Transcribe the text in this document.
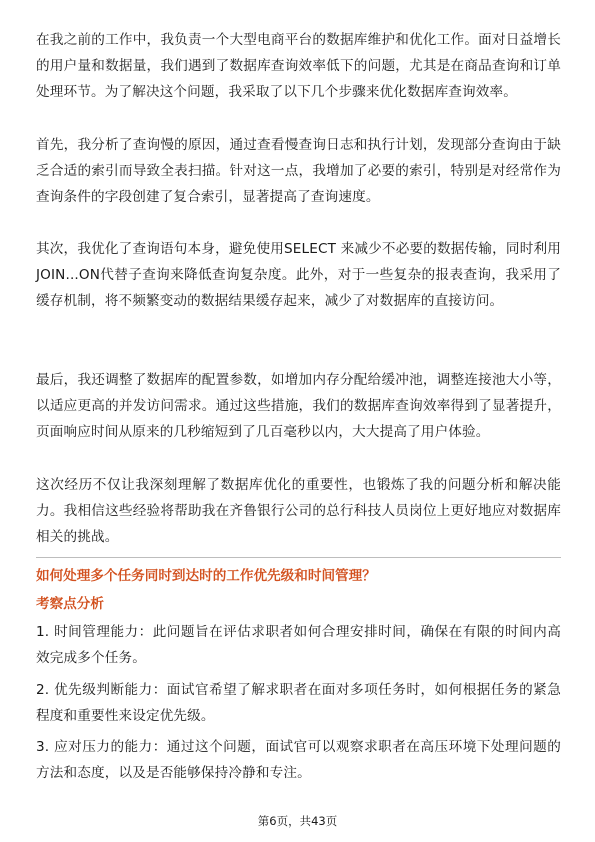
在我之前的工作中，我负责一个大型电商平台的数据库维护和优化工作。面对日益增长的用户量和数据量，我们遇到了数据库查询效率低下的问题，尤其是在商品查询和订单处理环节。为了解决这个问题，我采取了以下几个步骤来优化数据库查询效率。

首先，我分析了查询慢的原因，通过查看慢查询日志和执行计划，发现部分查询由于缺乏合适的索引而导致全表扫描。针对这一点，我增加了必要的索引，特别是对经常作为查询条件的字段创建了复合索引，显著提高了查询速度。

其次，我优化了查询语句本身，避免使用SELECT 来减少不必要的数据传输，同时利用JOIN...ON代替子查询来降低查询复杂度。此外，对于一些复杂的报表查询，我采用了缓存机制，将不频繁变动的数据结果缓存起来，减少了对数据库的直接访问。

最后，我还调整了数据库的配置参数，如增加内存分配给缓冲池，调整连接池大小等，以适应更高的并发访问需求。通过这些措施，我们的数据库查询效率得到了显著提升，页面响应时间从原来的几秒缩短到了几百毫秒以内，大大提高了用户体验。

这次经历不仅让我深刻理解了数据库优化的重要性，也锻炼了我的问题分析和解决能力。我相信这些经验将帮助我在齐鲁银行公司的总行科技人员岗位上更好地应对数据库相关的挑战。

如何处理多个任务同时到达时的工作优先级和时间管理？

考察点分析

1. 时间管理能力：此问题旨在评估求职者如何合理安排时间，确保在有限的时间内高效完成多个任务。

2. 优先级判断能力：面试官希望了解求职者在面对多项任务时，如何根据任务的紧急程度和重要性来设定优先级。

3. 应对压力的能力：通过这个问题，面试官可以观察求职者在高压环境下处理问题的方法和态度，以及是否能够保持冷静和专注。

第6页，共43页
